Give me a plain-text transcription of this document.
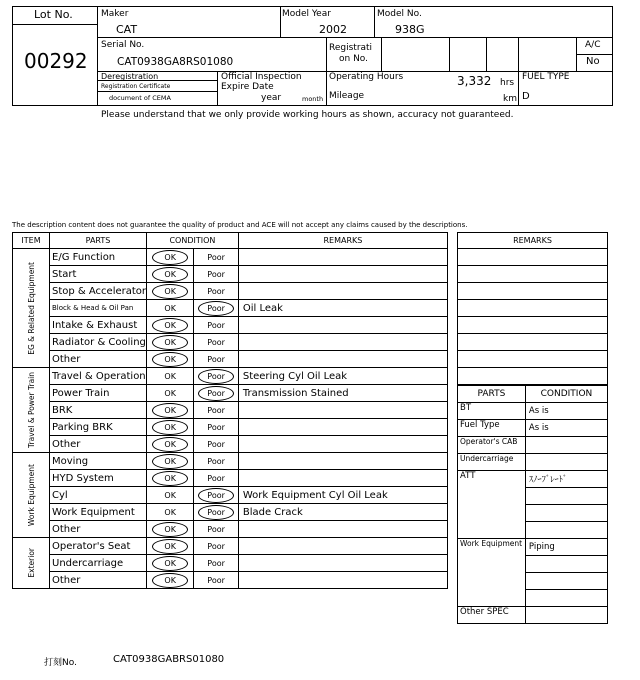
Lot No.
00292
Maker
CAT
Model Year
2002
Model No.
938G
Serial No.
CAT0938GA8RS01080
Registrati
on No.
A/C
No
Deregistration
Registration Certificate
document of CEMA
Official Inspection
Expire Date
year	month
Operating Hours	3,332 hrs
Mileage	km
FUEL TYPE
D
Please understand that we only provide working hours as shown, accuracy not guaranteed.
The description content does not guarantee the quality of product and ACE will not accept any claims caused by the descriptions.
ITEM	PARTS	CONDITION		REMARKS

EG & Related Equipment	E/G Function	OK	Poor	
	Start	OK	Poor	
	Stop & Accelerator	OK	Poor	
	Block & Head & Oil Pan	OK	Poor	Oil Leak
	Intake & Exhaust	OK	Poor	
	Radiator & Cooling	OK	Poor	
	Other	OK	Poor	

Travel & Power Train	Travel & Operation	OK	Poor	Steering Cyl Oil Leak
	Power Train	OK	Poor	Transmission Stained
	BRK	OK	Poor	
	Parking BRK	OK	Poor	
	Other	OK	Poor	

Work Equipment	Moving	OK	Poor	
	HYD System	OK	Poor	
	Cyl	OK	Poor	Work Equipment Cyl Oil Leak
	Work Equipment	OK	Poor	Blade Crack
	Other	OK	Poor	

Exterior	Operator's Seat	OK	Poor	
	Undercarriage	OK	Poor	
	Other	OK	Poor	
REMARKS

PARTS	CONDITION
BT	As is
Fuel Type	As is
Operator's CAB	
Undercarriage	
ATT	ｽﾉｰﾌﾞﾚｰﾄﾞ

Work Equipment	Piping

Other SPEC	
打刻No.	CAT0938GABRS01080
